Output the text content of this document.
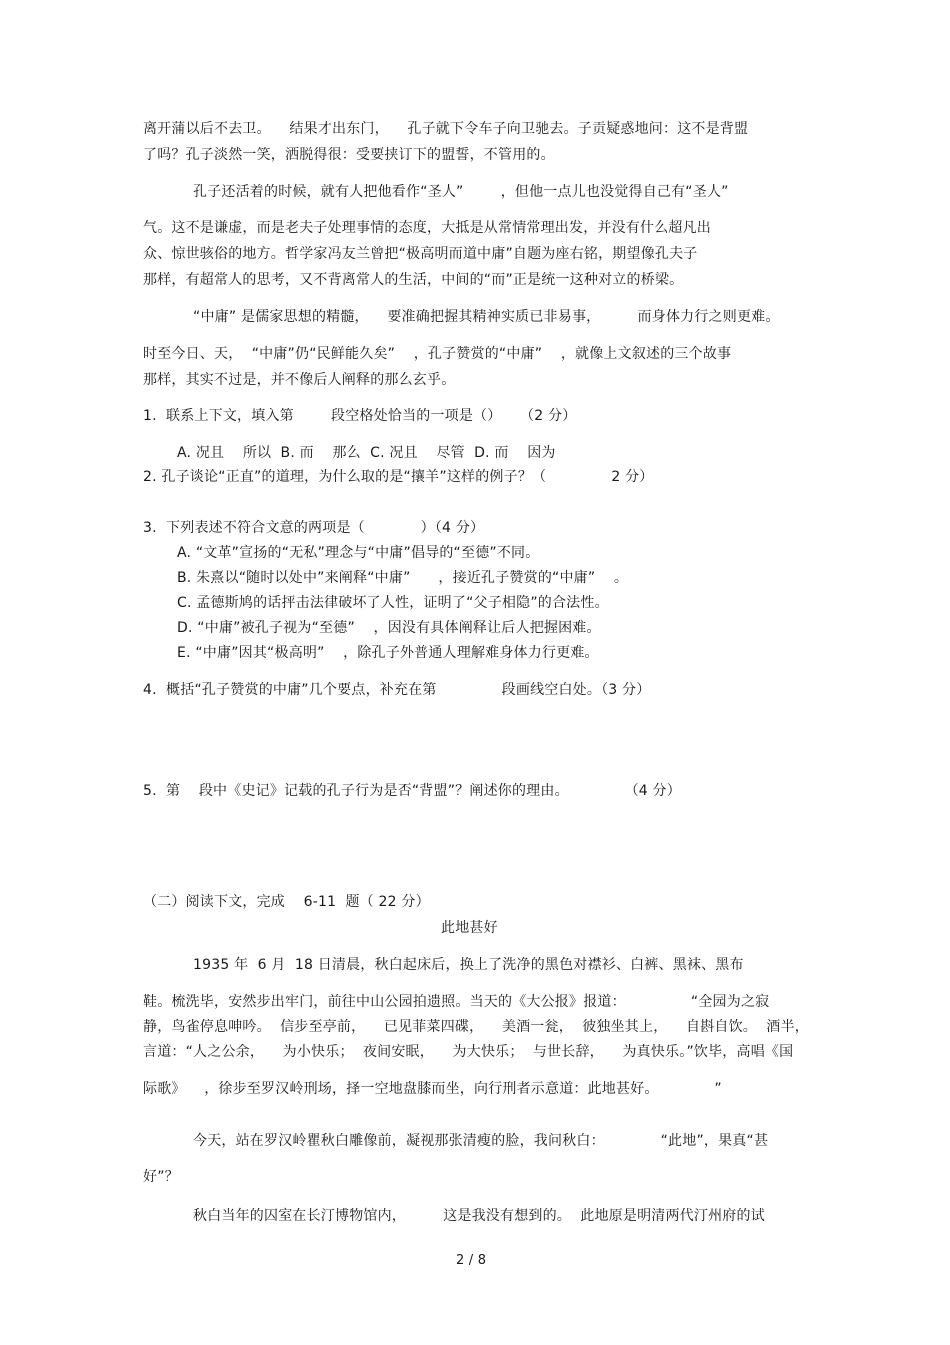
离开蒲以后不去卫。    结果才出东门，    孔子就下令车子向卫驰去。子贡疑惑地问：这不是背盟
了吗？孔子淡然一笑，洒脱得很：受要挟订下的盟誓，不管用的。
孔子还活着的时候，就有人把他看作“圣人”        ，但他一点儿也没觉得自己有“圣人”
气。这不是谦虚，而是老夫子处理事情的态度，大抵是从常情常理出发，并没有什么超凡出
众、惊世骇俗的地方。哲学家冯友兰曾把“极高明而道中庸”自题为座右铭，期望像孔夫子
那样，有超常人的思考，又不背离常人的生活，中间的“而”正是统一这种对立的桥梁。
“中庸” 是儒家思想的精髓，    要准确把握其精神实质已非易事，        而身体力行之则更难。
时至今日、天，  “中庸”仍“民鲜能久矣”    ，孔子赞赏的“中庸”    ，就像上文叙述的三个故事
那样，其实不过是，并不像后人阐释的那么玄乎。
1.  联系上下文，填入第        段空格处恰当的一项是（）    （2 分）
A. 况且    所以  B. 而    那么  C. 况且    尽管  D. 而    因为
2. 孔子谈论“正直”的道理，为什么取的是“攘羊”这样的例子？（              2 分）
3.  下列表述不符合文意的两项是（            ）（4 分）
A. “文革”宣扬的“无私”理念与“中庸”倡导的“至德”不同。
B. 朱熹以“随时以处中”来阐释“中庸”      ，接近孔子赞赏的“中庸”    。
C. 孟德斯鸠的话抨击法律破坏了人性，证明了“父子相隐”的合法性。
D. “中庸”被孔子视为“至德”    ，因没有具体阐释让后人把握困难。
E. “中庸”因其“极高明”    ，除孔子外普通人理解难身体力行更难。
4.  概括“孔子赞赏的中庸”几个要点，补充在第              段画线空白处。（3 分）
5.  第    段中《史记》记载的孔子行为是否“背盟”？阐述你的理由。            （4 分）
（二）阅读下文，完成    6-11  题（ 22 分）
此地甚好
1935 年  6 月  18 日清晨，秋白起床后，换上了洗净的黑色对襟衫、白裤、黑袜、黑布
鞋。梳洗毕，安然步出牢门，前往中山公园拍遗照。当天的《大公报》报道：              “全园为之寂
静，鸟雀停息呻吟。  信步至亭前，    已见菲菜四碟，    美酒一瓮，  彼独坐其上，    自斟自饮。  酒半，
言道：“人之公余，    为小快乐；  夜间安眠，    为大快乐；  与世长辞，    为真快乐。”饮毕，高唱《国
际歌》    ，徐步至罗汉岭刑场，择一空地盘膝而坐，向行刑者示意道：此地甚好。            ”
今天，站在罗汉岭瞿秋白雕像前，凝视那张清瘦的脸，我问秋白：            “此地”，果真“甚
好”？
秋白当年的囚室在长汀博物馆内，        这是我没有想到的。  此地原是明清两代汀州府的试
2 / 8
